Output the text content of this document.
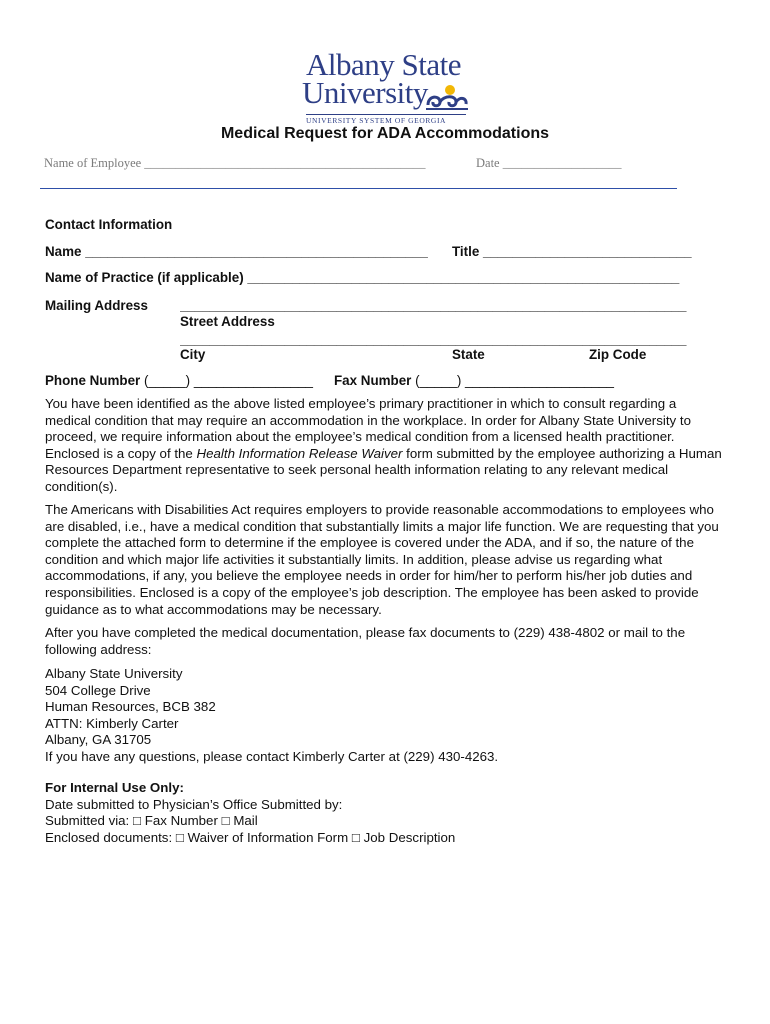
Albany State
University
UNIVERSITY SYSTEM OF GEORGIA
Medical Request for ADA Accommodations
Name of Employee _____________________________________________	Date ___________________
Contact Information
Name ______________________________________________ Title ____________________________
Name of Practice (if applicable) __________________________________________________________
Mailing Address ____________________________________________________________________
Street Address
____________________________________________________________________
City	State	Zip Code
Phone Number (_____) ________________ Fax Number (_____) ____________________

You have been identified as the above listed employee’s primary practitioner in which to consult regarding a medical condition that may require an accommodation in the workplace. In order for Albany State University to proceed, we require information about the employee’s medical condition from a licensed health practitioner. Enclosed is a copy of the Health Information Release Waiver form submitted by the employee authorizing a Human Resources Department representative to seek personal health information relating to any relevant medical condition(s).

The Americans with Disabilities Act requires employers to provide reasonable accommodations to employees who are disabled, i.e., have a medical condition that substantially limits a major life function. We are requesting that you complete the attached form to determine if the employee is covered under the ADA, and if so, the nature of the condition and which major life activities it substantially limits. In addition, please advise us regarding what accommodations, if any, you believe the employee needs in order for him/her to perform his/her job duties and responsibilities. Enclosed is a copy of the employee’s job description. The employee has been asked to provide guidance as to what accommodations may be necessary.

After you have completed the medical documentation, please fax documents to (229) 438-4802 or mail to the following address:

Albany State University
504 College Drive
Human Resources, BCB 382
ATTN: Kimberly Carter
Albany, GA 31705
If you have any questions, please contact Kimberly Carter at (229) 430-4263.
For Internal Use Only:
Date submitted to Physician’s Office Submitted by:
Submitted via: □ Fax Number □ Mail
Enclosed documents: □ Waiver of Information Form □ Job Description
